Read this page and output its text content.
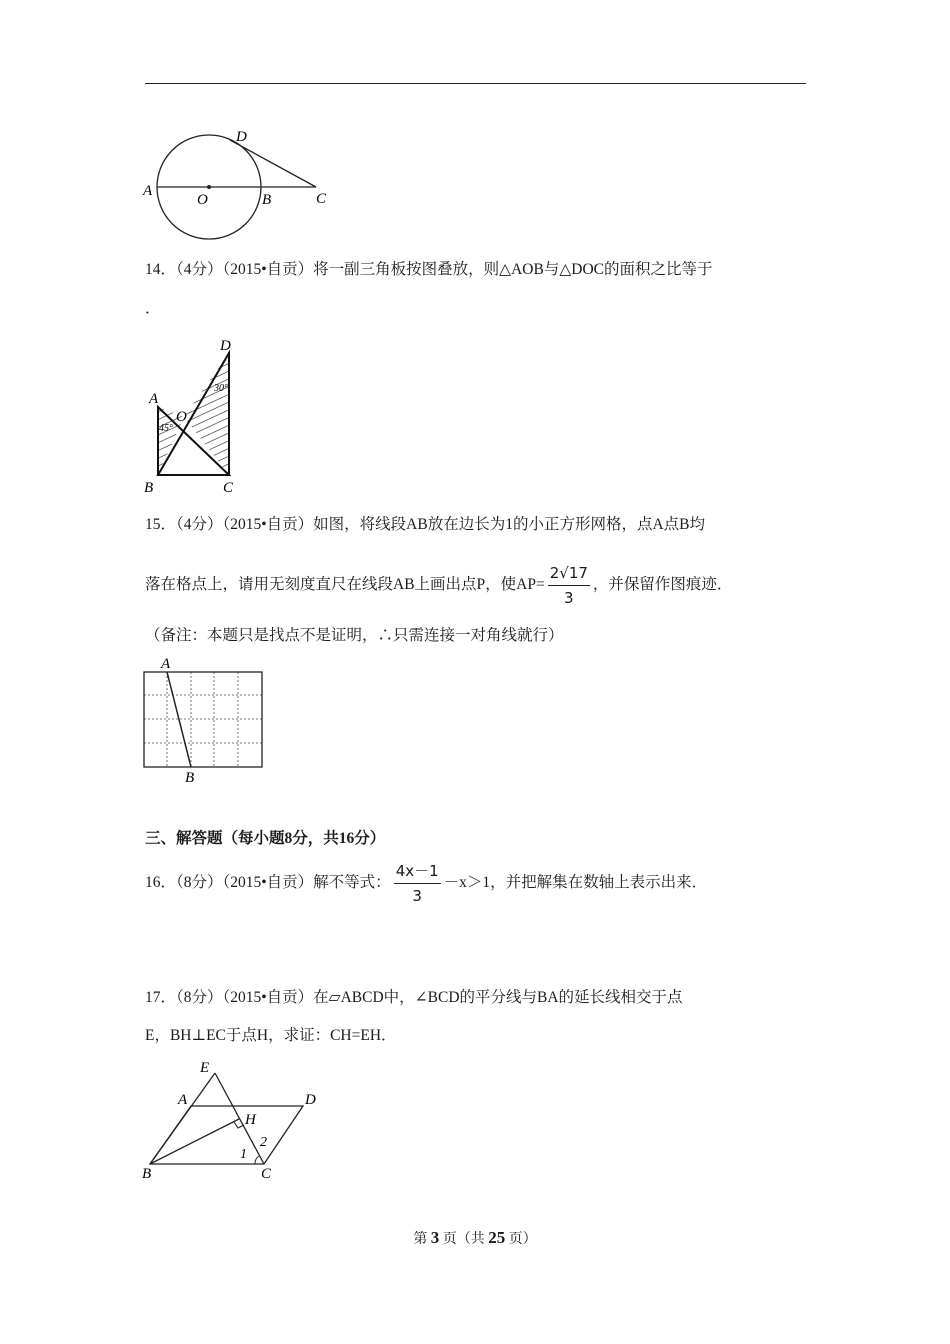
A
O	B	C
D
14．（4分）（2015•自贡）将一副三角板按图叠放，则△AOB与△DOC的面积之比等于
．
D
A
O
B	C
45°
30°
15．（4分）（2015•自贡）如图，将线段AB放在边长为1的小正方形网格，点A点B均
落在格点上，请用无刻度直尺在线段AB上画出点P，使$AP= \frac{2√17}{3}$ ，并保留作图痕迹．
（备注：本题只是找点不是证明，∴只需连接一对角线就行）
A
B
三、解答题（每小题8分，共16分）
16．（8分）（2015•自贡）解不等式： $\frac{4x-1}{3} -x>1$，并把解集在数轴上表示出来．
17．（8分）（2015•自贡）在▱ABCD中，∠BCD的平分线与BA的延长线相交于点
E，BH⊥EC于点H，求证：CH=EH．
E
A	D
H
B	C
1
2
第 3 页（共 25 页）
